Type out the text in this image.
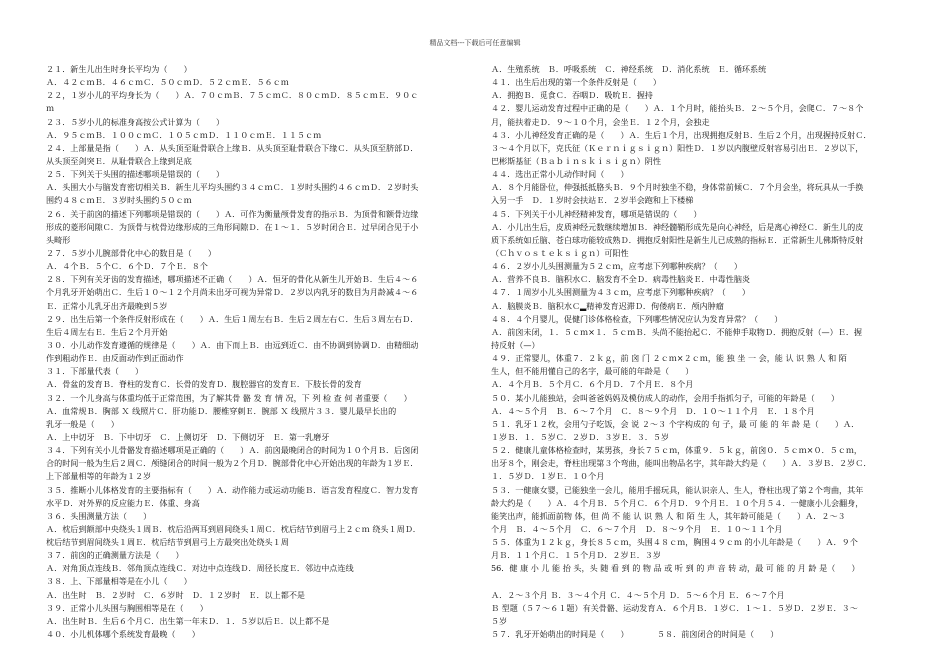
精品文档---下载后可任意编辑
２１．新生儿出生时身长平均为（　　）
Ａ．４２ｃｍＢ．４６ｃｍＣ．５０ｃｍＤ．５２ｃｍＥ．５６ｃｍ
２２，１岁小儿的平均身长为（　　）Ａ．７０ｃｍＢ．７５ｃｍＣ．８０ｃｍＤ．８５ｃｍＥ．９０ｃ
ｍ
２３．５岁小儿的标准身高按公式计算为（　　）
Ａ．９５ｃｍＢ．１００ｃｍＣ．１０５ｃｍＤ．１１０ｃｍＥ．１１５ｃｍ
２４．上部量是指（　　）Ａ．从头顶至耻骨联合上缘Ｂ．从头顶至耻骨联合下缘Ｃ．从头顶至脐部Ｄ．
从头顶至剑突Ｅ．从耻骨联合上缘到足底
２５．下列关于头围的描述哪项是错误的（　　）
Ａ．头围大小与脑发育密切相关Ｂ．新生儿平均头围约３４ｃｍＣ．１岁时头围约４６ｃｍＤ．２岁时头
围约４８ｃｍＥ．３岁时头围约５０ｃｍ
２６．关于前囟的描述下列哪项是错误的（　　）Ａ．可作为衡量颅骨发育的指示Ｂ．为顶骨和额骨边缘
形成的菱形间隙Ｃ．为顶骨与枕骨边缘形成的三角形间隙Ｄ．在１～１．５岁时闭合Ｅ．过早闭合见于小
头畸形
２７．５岁小儿腕部骨化中心的数目是（　　）
Ａ．４个Ｂ．５个Ｃ．６个Ｄ．７个Ｅ．８个
２８．下列有关牙齿的发育描述，哪项描述不正确（　　）Ａ．恒牙的骨化从新生儿开始Ｂ．生后４～６
个月乳牙开始萌出Ｃ．生后１０～１２个月尚未出牙可视为异常Ｄ．２岁以内乳牙的数目为月龄减４～６
Ｅ．正常小儿乳牙出齐最晚到５岁
２９．出生后第一个条件反射形成在（　　）Ａ．生后１周左右Ｂ．生后２周左右Ｃ．生后３周左右Ｄ．
生后４周左右Ｅ．生后２个月开始
３０．小儿动作发育遵循的规律是（　　）Ａ．由下而上Ｂ．由远到近Ｃ．由不协调到协调Ｄ．由精细动
作到粗动作Ｅ．由反面动作到正面动作
３１．下部量代表（　　）
Ａ．骨盆的发育Ｂ．脊柱的发育Ｃ．长骨的发育Ｄ．腹腔器官的发育Ｅ．下肢长骨的发育
３２．一个儿身高与体重均低于正常范围，为了解其骨 骼 发 育 情 况，下 列 检 查 何 者重要（　　）
Ａ．血常规Ｂ．胸部 Ｘ 线照片Ｃ．肝功能Ｄ．腰椎穿刺Ｅ．腕部 Ｘ 线照片３３．婴儿最早长出的
乳牙一般是（　　）
Ａ．上中切牙　Ｂ．下中切牙　Ｃ．上侧切牙　Ｄ．下侧切牙　Ｅ．第一乳磨牙
３４．下列有关小儿骨骼发育描述哪项是正确的（　　）Ａ．前囟最晚闭合的时间为１０个月Ｂ．后囟闭
合的时间一般为生后２周Ｃ．颅缝闭合的时间一般为２个月Ｄ．腕部骨化中心开始出现的年龄为１岁Ｅ．
上下部量相等的年龄为１２岁
３５．推断小儿体格发育的主要指标有（　　）Ａ．动作能力或运动功能Ｂ．语言发育程度Ｃ．智力发育
水平Ｄ．对外界的反应能力Ｅ．体重、身高
３６．头围测量方法（　　）
Ａ．枕后到额部中央绕头１周Ｂ．枕后沿两耳到眉间绕头１周Ｃ．枕后结节到眉弓上２ｃｍ 绕头１周Ｄ．
枕后结节到眉间绕头１周Ｅ．枕后结节到眉弓上方最突出处绕头１周
３７．前囟的正确测量方法是（　　）
Ａ．对角顶点连线Ｂ．邻角顶点连线Ｃ．对边中点连线Ｄ．周径长度Ｅ．邻边中点连线
３８．上、下部量相等是在小儿（　　）
Ａ．出生时　Ｂ．２岁时　Ｃ．６岁时　Ｄ．１２岁时　Ｅ．以上都不是
３９．正常小儿头围与胸围相等是在（　　）
Ａ．出生时Ｂ．生后６个月Ｃ．出生第一年末Ｄ．１．５岁以后Ｅ．以上都不是
４０．小儿机体哪个系统发育最晚（　　）
Ａ．生殖系统　Ｂ．呼吸系统　Ｃ．神经系统　Ｄ．消化系统　Ｅ．循环系统
４１．出生后出现的第一个条件反射是（　　）
Ａ．拥抱Ｂ．觅食Ｃ．吞咽Ｄ．吸吮Ｅ．握持
４２．婴儿运动发育过程中正确的是（　　）Ａ．１个月时，能抬头Ｂ．２～５个月，会爬Ｃ．７～８个
月，能扶着走Ｄ．９～１０个月，会坐Ｅ．１２个月，会独走
４３．小儿神经发育正确的是（　　）Ａ．生后１个月，出现拥抱反射Ｂ．生后２个月，出现握持反射Ｃ．
３～４个月以下，克氏征（Ｋｅｒｎｉｇｓｉｇｎ）阳性Ｄ．１岁以内腹壁反射容易引出Ｅ．２岁以下，
巴彬斯基征（Ｂａｂｉｎｓｋｉｓｉｇｎ）阴性
４４．选出正常小儿动作时间（　　）
Ａ．８个月能卧位，伸强抵抵胳头Ｂ．９个月时独坐不稳，身体常前倾Ｃ．７个月会坐，将玩具从一手换
入另一手　Ｄ．１岁时会扶站Ｅ．２岁半会跑和上下楼梯
４５．下列关于小儿神经精神发育，哪项是错误的（　　）
Ａ．小儿出生后，皮质神经元数继续增加Ｂ．神经髓鞘形成先是向心神经，后是离心神经Ｃ．新生儿的皮
质下系统如丘脑、苍白球功能较成熟Ｄ．拥抱反射阳性是新生儿已成熟的指标Ｅ．正常新生儿佛斯特反射
（Ｃｈｖｏｓｔｅｋｓｉｇｎ）可阳性
４６．２岁小儿头围测量为５２ｃｍ，应考虑下列哪种疾病？（　　）
Ａ．营养不良Ｂ．脑积水Ｃ．脑发育不全Ｄ．病毒性脑炎Ｅ．中毒性脑炎
４７．１周岁小儿头围测量为４３ｃｍ，应考虑下列哪种疾病？（　　）
Ａ．脑膜炎Ｂ．脑积水Ｃ▂精神发育迟滞Ｄ．佝偻病Ｅ．颅内肿瘤
４８．４个月婴儿，促健门诊体格检查，下列哪些情况应认为发育异常？（　　）
Ａ．前囟未闭，１．５ｃｍ×１．５ｃｍＢ．头尚不能抬起Ｃ．不能伸手取物Ｄ．拥抱反射（—）Ｅ．握
持反射（—）
４９．正常婴儿，体重７．２ｋｇ，前 囟 门 ２ｃｍ×２ｃｍ，能 独 坐 一 会，能 认 识 熟 人 和 陌
生人，但不能用懂自己的名字，最可能的年龄是（　　）
Ａ．４个月Ｂ．５个月Ｃ．６个月Ｄ．７个月Ｅ．８个月
５０．某小儿能独站，会叫爸爸妈妈及模仿成人的动作，会用手指抓匀子，可能的年龄是（　　）
Ａ．４～５个月　Ｂ．６～７个月　Ｃ．８～９个月　Ｄ．１０～１１个月　Ｅ．１８个月
５１．乳牙１２枚，会用勺子吃饭，会 说 ２～３ 个字构成的 句 子，最 可 能 的 年 龄 是（　　）Ａ．
１岁Ｂ．１．５岁Ｃ．２岁Ｄ．３岁Ｅ．３．５岁
５２．健康儿童体格检查时，某男孩，身长７５ｃｍ，体重９．５ｋｇ，前囟０．５ｃｍ×０．５ｃｍ，
出牙８个，刚会走，脊柱出现第３个弯曲，能叫出物品名字，其年龄大约是（　　）Ａ．３岁Ｂ．２岁Ｃ．
１．５岁Ｄ．１岁Ｅ．１０个月
５３．一健康女婴，已能独坐一会儿，能用手摇玩具，能认识亲人、生人，脊柱出现了第２个弯曲，其年
龄大约是（　　）Ａ．４个月Ｂ．５个月Ｃ．６个月Ｄ．９个月Ｅ．１０个月５４．一健康小儿会翻身，
能笑出声，能抓面前物 体，但 尚 不 能 认 识 熟 人 和 陌 生 人，其年龄可能是（　　）Ａ．２～３
个月　Ｂ．４～５个月　Ｃ．６～７个月　Ｄ．８～９个月　Ｅ．１０～１１个月
５５．体重为１２ｋｇ，身长８５ｃｍ，头围４８ｃｍ，胸围４９ｃｍ 的小儿年龄是（　　）Ａ．９个
月Ｂ．１１个月Ｃ．１５个月Ｄ．２岁Ｅ．３岁
56．健 康 小 儿 能 抬 头，头 随 看 到 的 物 品 或 听 到 的 声 音 转 动，最 可 能 的 月 龄 是（　　）
Ａ．２～３个月 Ｂ．３～４个月 Ｃ．４～５个月 Ｄ．５～６个月 Ｅ．６～７个月
Ｂ 型题（５７～６１题）有关骨骼、运动发育Ａ．６个月Ｂ．１岁Ｃ．１～１．５岁Ｄ．２岁Ｅ．３～
５岁
５７．乳牙开始萌出的时间是（　　）　　　　５８．前囟闭合的时间是（　　）
